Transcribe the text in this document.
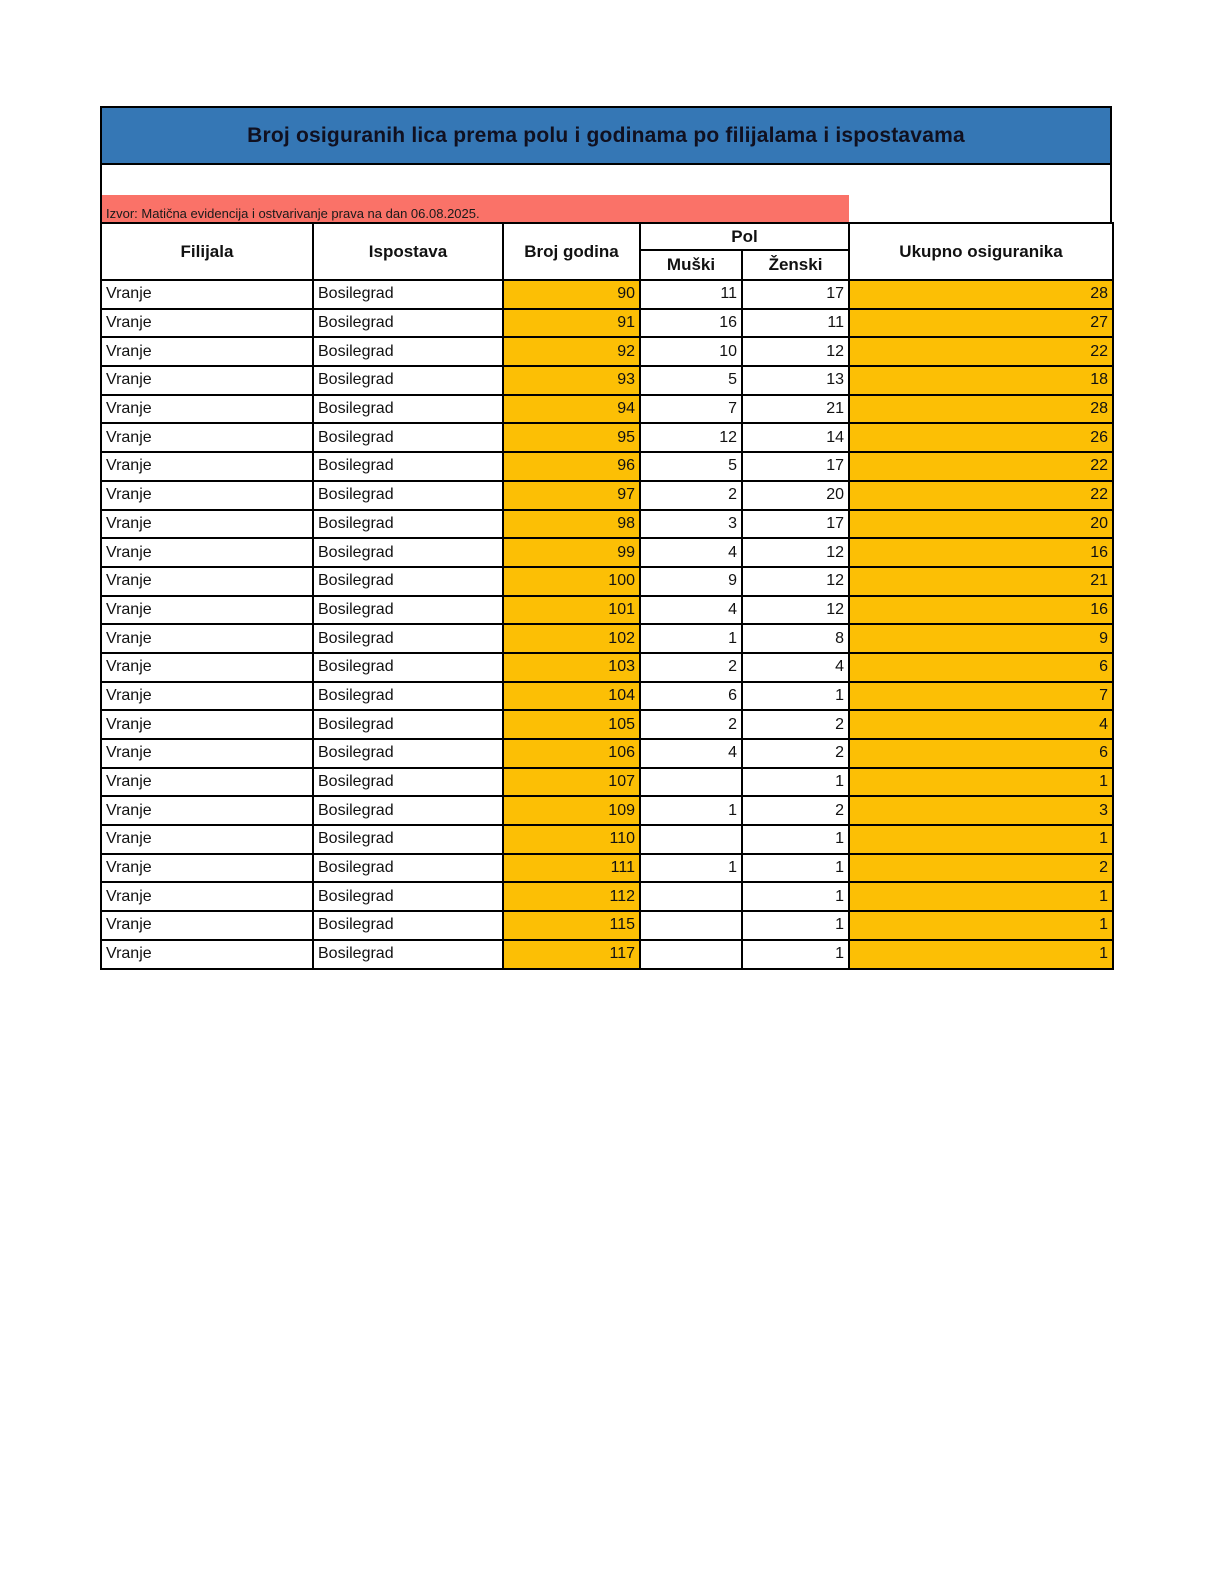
Broj osiguranih lica prema polu i godinama po filijalama i ispostavama
Izvor: Matična evidencija i ostvarivanje prava na dan 06.08.2025.
Filijala	Ispostava	Broj godina	Pol		Ukupno osiguranika
			Muški	Ženski	
Vranje	Bosilegrad	90	11	17	28
Vranje	Bosilegrad	91	16	11	27
Vranje	Bosilegrad	92	10	12	22
Vranje	Bosilegrad	93	5	13	18
Vranje	Bosilegrad	94	7	21	28
Vranje	Bosilegrad	95	12	14	26
Vranje	Bosilegrad	96	5	17	22
Vranje	Bosilegrad	97	2	20	22
Vranje	Bosilegrad	98	3	17	20
Vranje	Bosilegrad	99	4	12	16
Vranje	Bosilegrad	100	9	12	21
Vranje	Bosilegrad	101	4	12	16
Vranje	Bosilegrad	102	1	8	9
Vranje	Bosilegrad	103	2	4	6
Vranje	Bosilegrad	104	6	1	7
Vranje	Bosilegrad	105	2	2	4
Vranje	Bosilegrad	106	4	2	6
Vranje	Bosilegrad	107		1	1
Vranje	Bosilegrad	109	1	2	3
Vranje	Bosilegrad	110		1	1
Vranje	Bosilegrad	111	1	1	2
Vranje	Bosilegrad	112		1	1
Vranje	Bosilegrad	115		1	1
Vranje	Bosilegrad	117		1	1
